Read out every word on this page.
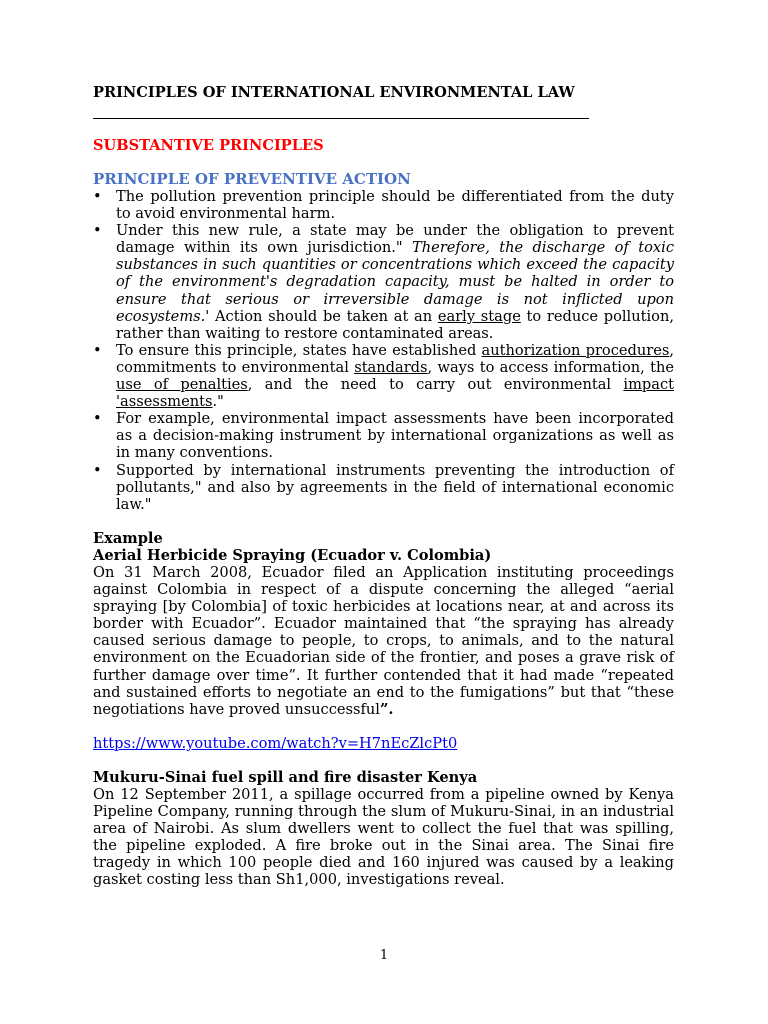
PRINCIPLES OF INTERNATIONAL ENVIRONMENTAL LAW
SUBSTANTIVE PRINCIPLES
PRINCIPLE OF PREVENTIVE ACTION
• The pollution prevention principle should be differentiated from the duty to avoid environmental harm.
• Under this new rule, a state may be under the obligation to prevent damage within its own jurisdiction." Therefore, the discharge of toxic substances in such quantities or concentrations which exceed the capacity of the environment's degradation capacity, must be halted in order to ensure that serious or irreversible damage is not inflicted upon ecosystems.' Action should be taken at an early stage to reduce pollution, rather than waiting to restore contaminated areas.
• To ensure this principle, states have established authorization procedures, commitments to environmental standards, ways to access information, the use of penalties, and the need to carry out environmental impact 'assessments."
• For example, environmental impact assessments have been incorporated as a decision-making instrument by international organizations as well as in many conventions.
• Supported by international instruments preventing the introduction of pollutants," and also by agreements in the field of international economic law."

Example

Aerial Herbicide Spraying (Ecuador v. Colombia)

On 31 March 2008, Ecuador filed an Application instituting proceedings against Colombia in respect of a dispute concerning the alleged “aerial spraying [by Colombia] of toxic herbicides at locations near, at and across its border with Ecuador”. Ecuador maintained that “the spraying has already caused serious damage to people, to crops, to animals, and to the natural environment on the Ecuadorian side of the frontier, and poses a grave risk of further damage over time”. It further contended that it had made “repeated and sustained efforts to negotiate an end to the fumigations” but that “these negotiations have proved unsuccessful”.

https://www.youtube.com/watch?v=H7nEcZlcPt0

Mukuru-Sinai fuel spill and fire disaster Kenya

On 12 September 2011, a spillage occurred from a pipeline owned by Kenya Pipeline Company, running through the slum of Mukuru-Sinai, in an industrial area of Nairobi. As slum dwellers went to collect the fuel that was spilling, the pipeline exploded. A fire broke out in the Sinai area. The Sinai fire tragedy in which 100 people died and 160 injured was caused by a leaking gasket costing less than Sh1,000, investigations reveal.

1
